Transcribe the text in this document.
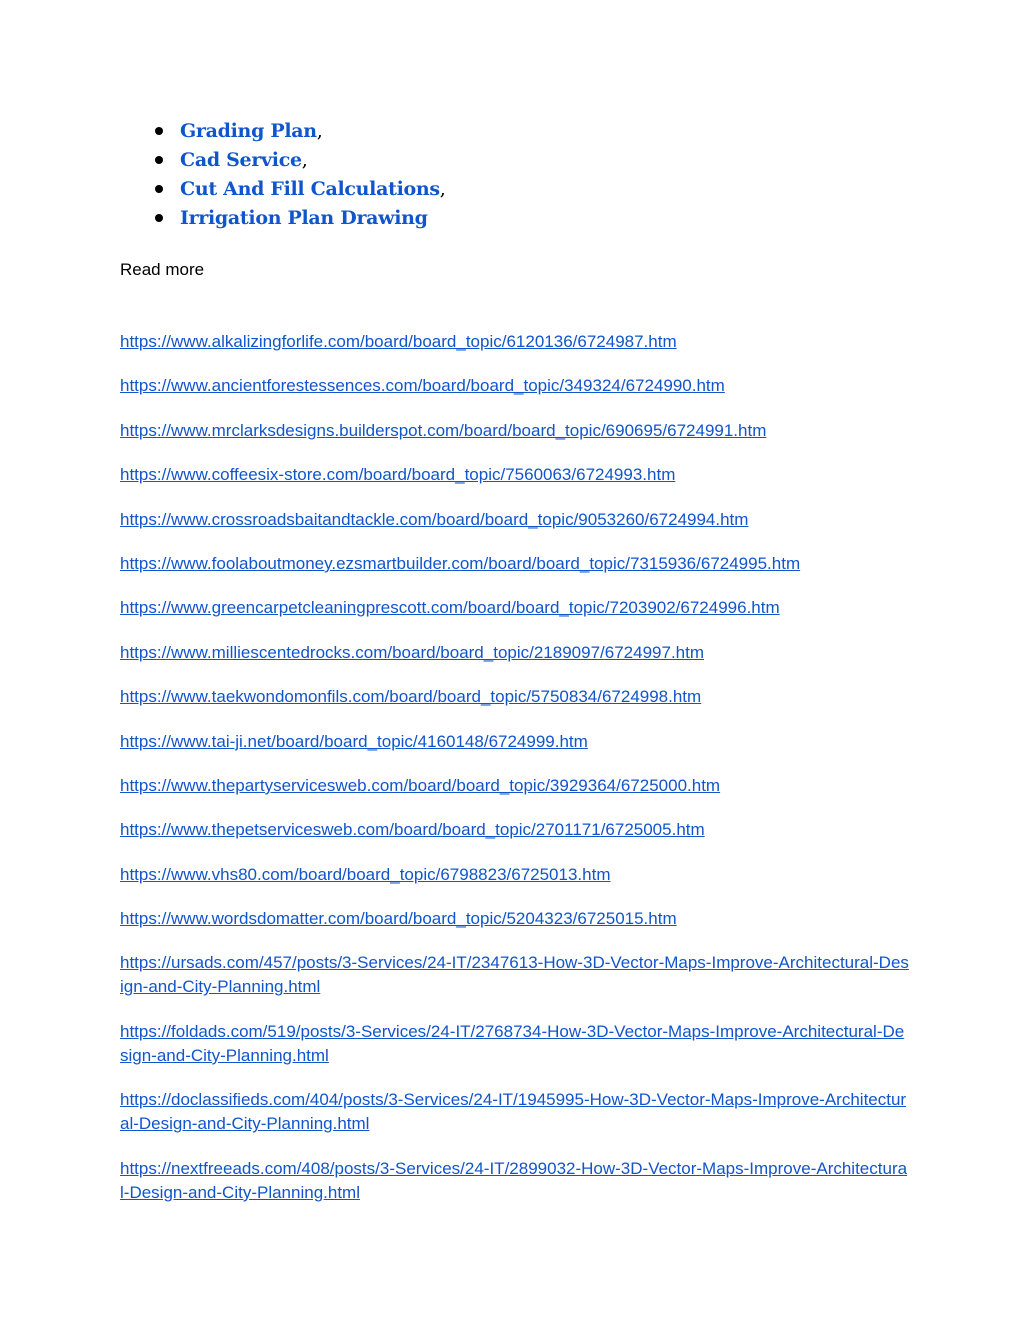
Grading Plan ,
Cad Service ,
Cut And Fill Calculations ,
Irrigation Plan Drawing
Read more
https://www.alkalizingforlife.com/board/board_topic/6120136/6724987.htm
https://www.ancientforestessences.com/board/board_topic/349324/6724990.htm
https://www.mrclarksdesigns.builderspot.com/board/board_topic/690695/6724991.htm
https://www.coffeesix-store.com/board/board_topic/7560063/6724993.htm
https://www.crossroadsbaitandtackle.com/board/board_topic/9053260/6724994.htm
https://www.foolaboutmoney.ezsmartbuilder.com/board/board_topic/7315936/6724995.htm
https://www.greencarpetcleaningprescott.com/board/board_topic/7203902/6724996.htm
https://www.milliescentedrocks.com/board/board_topic/2189097/6724997.htm
https://www.taekwondomonfils.com/board/board_topic/5750834/6724998.htm
https://www.tai-ji.net/board/board_topic/4160148/6724999.htm
https://www.thepartyservicesweb.com/board/board_topic/3929364/6725000.htm
https://www.thepetservicesweb.com/board/board_topic/2701171/6725005.htm
https://www.vhs80.com/board/board_topic/6798823/6725013.htm
https://www.wordsdomatter.com/board/board_topic/5204323/6725015.htm
https://ursads.com/457/posts/3-Services/24-IT/2347613-How-3D-Vector-Maps-Improve-Architectural-Design-and-City-Planning.html
https://foldads.com/519/posts/3-Services/24-IT/2768734-How-3D-Vector-Maps-Improve-Architectural-Design-and-City-Planning.html
https://doclassifieds.com/404/posts/3-Services/24-IT/1945995-How-3D-Vector-Maps-Improve-Architectural-Design-and-City-Planning.html
https://nextfreeads.com/408/posts/3-Services/24-IT/2899032-How-3D-Vector-Maps-Improve-Architectural-Design-and-City-Planning.html
